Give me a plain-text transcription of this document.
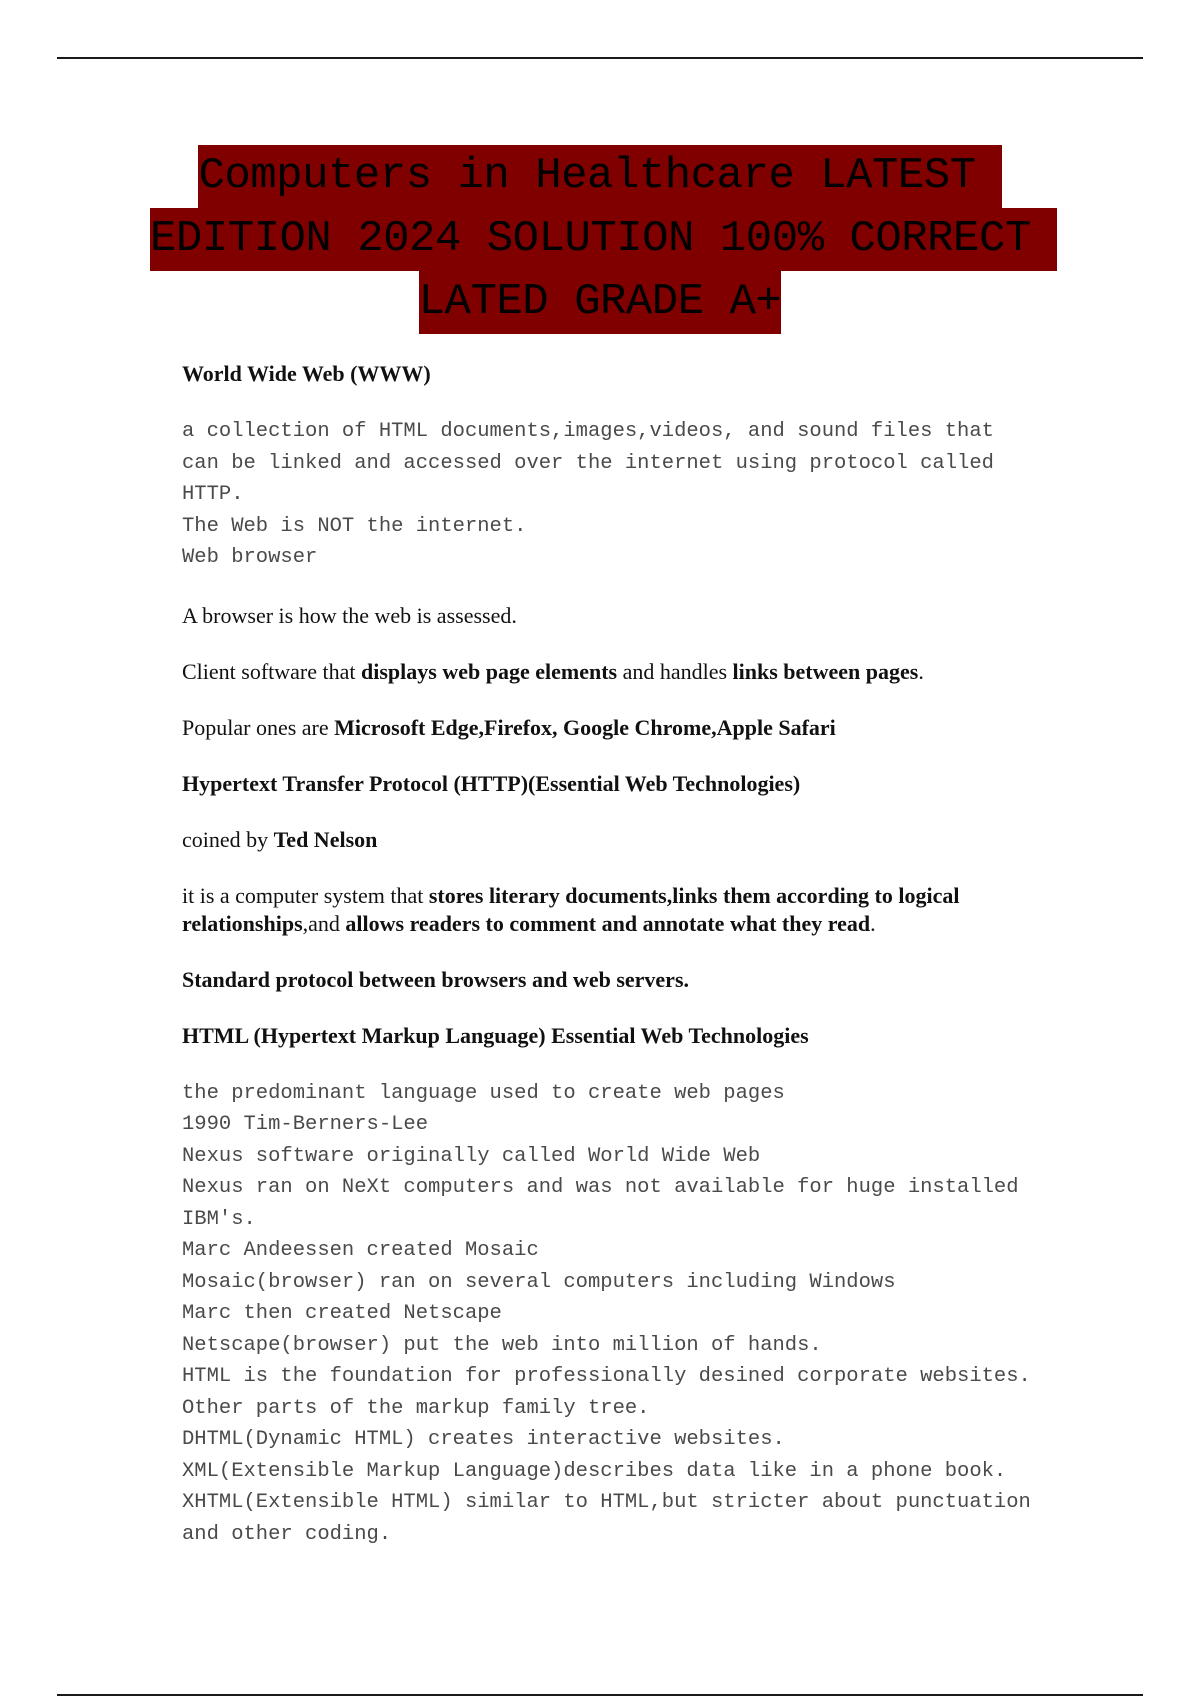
Computers in Healthcare LATEST
EDITION 2024 SOLUTION 100% CORRECT
LATED GRADE A+
World Wide Web (WWW)
a collection of HTML documents,images,videos, and sound files that
can be linked and accessed over the internet using protocol called
HTTP.
The Web is NOT the internet.
Web browser
A browser is how the web is assessed.
Client software that displays web page elements and handles links between pages.
Popular ones are Microsoft Edge,Firefox, Google Chrome,Apple Safari
Hypertext Transfer Protocol (HTTP)(Essential Web Technologies)
coined by Ted Nelson
it is a computer system that stores literary documents,links them according to logical relationships,and allows readers to comment and annotate what they read.
Standard protocol between browsers and web servers.
HTML (Hypertext Markup Language) Essential Web Technologies
the predominant language used to create web pages
1990 Tim-Berners-Lee
Nexus software originally called World Wide Web
Nexus ran on NeXt computers and was not available for huge installed
IBM's.
Marc Andeessen created Mosaic
Mosaic(browser) ran on several computers including Windows
Marc then created Netscape
Netscape(browser) put the web into million of hands.
HTML is the foundation for professionally desined corporate websites.
Other parts of the markup family tree.
DHTML(Dynamic HTML) creates interactive websites.
XML(Extensible Markup Language)describes data like in a phone book.
XHTML(Extensible HTML) similar to HTML,but stricter about punctuation
and other coding.
